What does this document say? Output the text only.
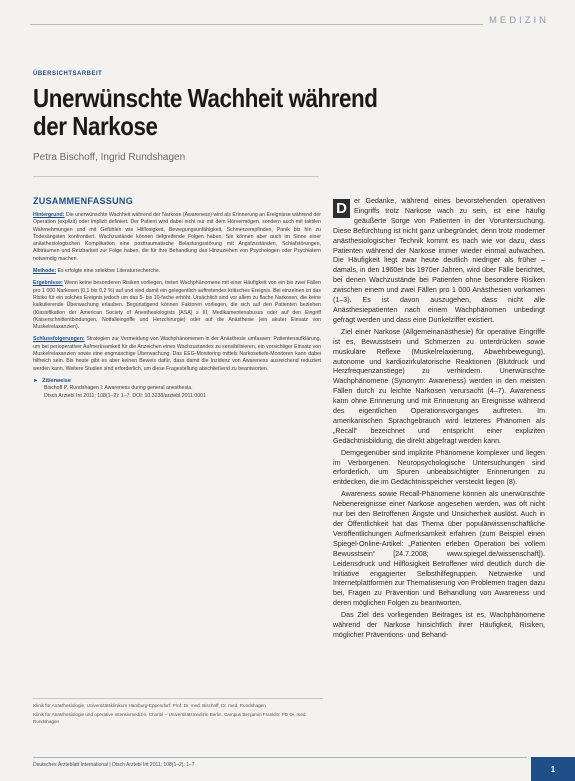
MEDIZIN
ÜBERSICHTSARBEIT
Unerwünschte Wachheit während der Narkose
Petra Bischoff, Ingrid Rundshagen
ZUSAMMENFASSUNG

Hintergrund: Die unerwünschte Wachheit während der Narkose (Awareness) wird als Erinnerung an Ereignisse während der Operation (explizit) oder implizit definiert. Der Patient wird dabei nicht nur mit dem Hörvermögen, sondern auch mit taktilen Wahrnehmungen und mit Gefühlen wie Hilflosigkeit, Bewegungsunfähigkeit, Schmerzempfinden, Panik bis hin zu Todesängsten konfrontiert. Wachzustände können tiefgreifende Folgen haben. Sie können aber auch im Sinne einer anästhesiologischen Komplikation eine posttraumatische Belastungsstörung mit Angstzuständen, Schlafstörungen, Albträumen und Reizbarkeit zur Folge haben, die für ihre Behandlung das Hinzuziehen von Psychologen oder Psychiatern notwendig machen.

Methode: Es erfolgte eine selektive Literaturrecherche.

Ergebnisse: Wenn keine besonderen Risiken vorliegen, treten Wachphänomene mit einer Häufigkeit von ein bis zwei Fällen pro 1 000 Narkosen (0,1 bis 0,2 %) auf und sind damit ein gelegentlich auftretendes kritisches Ereignis. Bei einzelnen ist das Risiko für ein solches Ereignis jedoch um das 5- bis 10-fache erhöht. Ursächlich sind vor allem zu flache Narkosen, die keine kalkulierende Überwachung erlauben. Begünstigend können Faktoren vorliegen, die sich auf den Patienten beziehen (Klassifikation der American Society of Anesthesiologists [ASA] ≥ III, Medikamentenabusus oder auf den Eingriff (Kaiserschnittentbindungen, Notfalleingriffe und Herzchirurgie) oder auf die Anästhesie (ein akuter Einsatz von Muskelrelaxanzien).

Schlussfolgerungen: Strategien zur Vermeidung von Wachphänomenen in der Anästhesie umfassen: Patientenaufklärung, um bei perioperativer Aufmerksamkeit für die Anzeichen eines Wachzustandes zu sensibilisieren, ein vorsichtiger Einsatz von Muskelrelaxanzien sowie eine engmaschige Überwachung. Das EEG-Monitoring mittels Narkosetiefe-Monitoren kann dabei hilfreich sein. Bis heute gibt es aber keinen Beweis dafür, dass damit die Inzidenz von Awareness ausreichend reduziert werden kann. Weitere Studien sind erforderlich, um diese Fragestellung abschließend zu beantworten.

► Zitierweise
Bischoff P, Rundshagen I: Awareness during general anesthesia.
Dtsch Arztebl Int 2011; 108(1–2): 1–7. DOI: 10.3238/arztebl.2011.0001

D er Gedanke, während eines bevorstehenden operativen Eingriffs trotz Narkose wach zu sein, ist eine häufig geäußerte Sorge von Patienten in der Voruntersuchung. Diese Befürchtung ist nicht ganz unbegründet, denn trotz moderner anästhesiologischer Technik kommt es nach wie vor dazu, dass Patienten während der Narkose immer wieder einmal aufwachen. Die Häufigkeit liegt zwar heute deutlich niedriger als früher – damals, in den 1960er bis 1970er Jahren, wird über Fälle berichtet, bei denen Wachzustände bei Patienten ohne besondere Risiken zwischen einem und zwei Fällen pro 1 000 Anästhesien vorkamen (1–3). Es ist davon auszugehen, dass nicht alle Anästhesiepatienten nach einem Wachphänomen unbedingt gefragt werden und dass eine Dunkelziffer existiert.

Ziel einer Narkose (Allgemeinanästhesie) für operative Eingriffe ist es, Bewusstsein und Schmerzen zu unterdrücken sowie muskuläre Reflexe (Muskelrelaxierung, Abwehrbewegung), autonome und kardiozirkulatorische Reaktionen (Blutdruck und Herzfrequenzanstiege) zu verhindern. Unerwünschte Wachphänomene (Synonym: Awareness) werden in den meisten Fällen durch zu leichte Narkosen verursacht (4–7). Awareness kann ohne Erinnerung und mit Erinnerung an Ereignisse während des eigentlichen Operationsvorganges auftreten. Im amerikanischen Sprachgebrauch wird letzteres Phänomen als „Recall“ bezeichnet und entspricht einer expliziten Gedächtnisbildung, die direkt abgefragt werden kann.

Demgegenüber sind implizite Phänomene komplexer und liegen im Verborgenen. Neuropsychologische Untersuchungen sind erforderlich, um Spuren unbeabsichtigter Erinnerungen zu entdecken, die im Gedächtnisspeicher versteckt liegen (8).

Awareness sowie Recall-Phänomene können als unerwünschte Nebenereignisse einer Narkose angesehen werden, was oft nicht nur bei den Betroffenen Ängste und Unsicherheit auslöst. Auch in der Öffentlichkeit hat das Thema über populärwissenschaftliche Veröffentlichungen Aufmerksamkeit erfahren (zum Beispiel einen Spiegel-Online-Artikel: „Patienten erleben Operation bei vollem Bewusstsein“ [24.7.2008; www.spiegel.de/wissenschaft]). Leidensdruck und Hilflosigkeit Betroffener wird deutlich durch die Initiative engagierter Selbsthilfegruppen. Netzwerke und Internetplattformen zur Thematisierung von Problemen tragen dazu bei, Fragen zu Prävention und Behandlung von Awareness und deren möglichen Folgen zu beantworten.

Das Ziel des vorliegenden Beitrages ist es, Wachphänomene während der Narkose hinsichtlich ihrer Häufigkeit, Risiken, möglicher Präventions- und Behand-

Klinik für Anästhesiologie, Universitätsklinikum Hamburg-Eppendorf: Prof. Dr. med. Bischoff, Dr. med. Rundshagen

Klinik für Anästhesiologie und operative Intensivmedizin, Charité – Universitätsmedizin Berlin, Campus Benjamin Franklin: PD Dr. med. Rundshagen

Deutsches Ärzteblatt International | Dtsch Arztebl Int 2011; 108(1–2): 1–7	1
